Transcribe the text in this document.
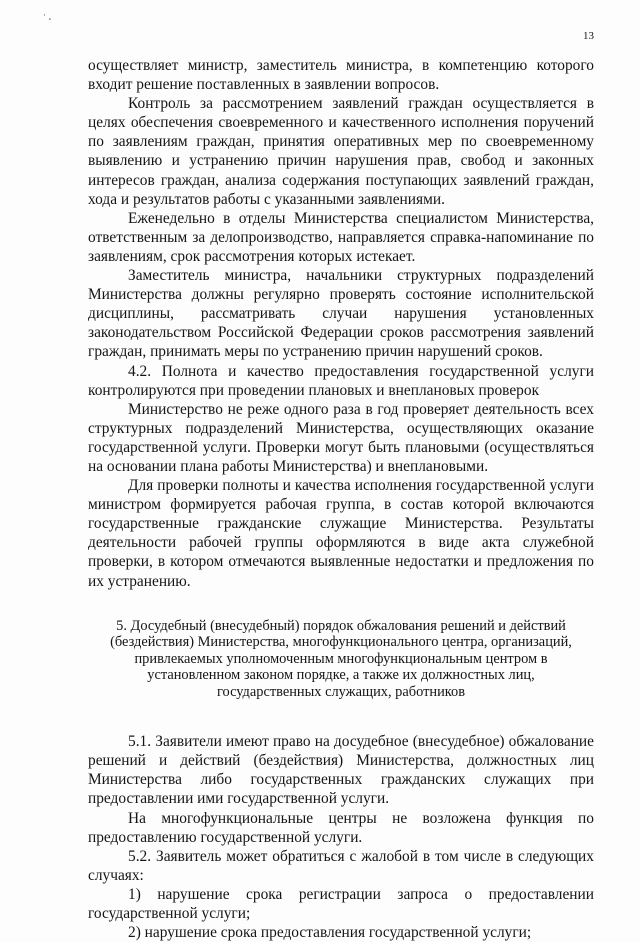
· ¸
13

осуществляет министр, заместитель министра, в компетенцию которого входит решение поставленных в заявлении вопросов.

Контроль за рассмотрением заявлений граждан осуществляется в целях обеспечения своевременного и качественного исполнения поручений по заявлениям граждан, принятия оперативных мер по своевременному выявлению и устранению причин нарушения прав, свобод и законных интересов граждан, анализа содержания поступающих заявлений граждан, хода и результатов работы с указанными заявлениями.

Еженедельно в отделы Министерства специалистом Министерства, ответственным за делопроизводство, направляется справка-напоминание по заявлениям, срок рассмотрения которых истекает.

Заместитель министра, начальники структурных подразделений Министерства должны регулярно проверять состояние исполнительской дисциплины, рассматривать случаи нарушения установленных законодательством Российской Федерации сроков рассмотрения заявлений граждан, принимать меры по устранению причин нарушений сроков.

4.2. Полнота и качество предоставления государственной услуги контролируются при проведении плановых и внеплановых проверок

Министерство не реже одного раза в год проверяет деятельность всех структурных подразделений Министерства, осуществляющих оказание государственной услуги. Проверки могут быть плановыми (осуществляться на основании плана работы Министерства) и внеплановыми.

Для проверки полноты и качества исполнения государственной услуги министром формируется рабочая группа, в состав которой включаются государственные гражданские служащие Министерства. Результаты деятельности рабочей группы оформляются в виде акта служебной проверки, в котором отмечаются выявленные недостатки и предложения по их устранению.

5. Досудебный (внесудебный) порядок обжалования решений и действий (бездействия) Министерства, многофункционального центра, организаций, привлекаемых уполномоченным многофункциональным центром в установленном законом порядке, а также их должностных лиц, государственных служащих, работников

5.1. Заявители имеют право на досудебное (внесудебное) обжалование решений и действий (бездействия) Министерства, должностных лиц Министерства либо государственных гражданских служащих при предоставлении ими государственной услуги.

На многофункциональные центры не возложена функция по предоставлению государственной услуги.

5.2. Заявитель может обратиться с жалобой в том числе в следующих случаях:

1) нарушение срока регистрации запроса о предоставлении государственной услуги;

2) нарушение срока предоставления государственной услуги;
